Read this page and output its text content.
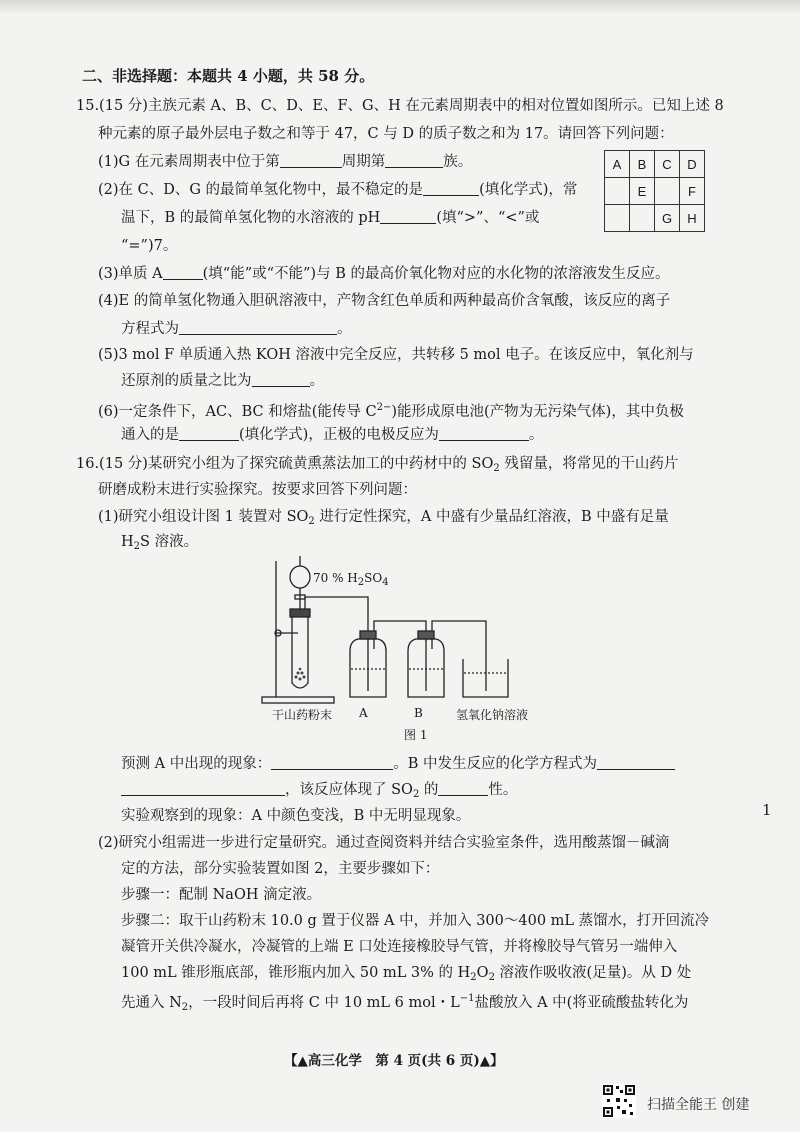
二、非选择题：本题共 4 小题，共 58 分。
15.(15 分)主族元素 A、B、C、D、E、F、G、H 在元素周期表中的相对位置如图所示。已知上述 8
种元素的原子最外层电子数之和等于 47，C 与 D 的质子数之和为 17。请回答下列问题：
(1)G 在元素周期表中位于第	周期第	族。	A	B	C	D
	E		F
		G	H
(2)在 C、D、G 的最简单氢化物中，最不稳定的是	(填化学式)，常
温下，B 的最简单氢化物的水溶液的 pH	(填“>”、“<”或
“=”)7。
(3)单质 A	(填“能”或“不能”)与 B 的最高价氧化物对应的水化物的浓溶液发生反应。
(4)E 的简单氢化物通入胆矾溶液中，产物含红色单质和两种最高价含氧酸，该反应的离子
方程式为	。
(5)3 mol F 单质通入热 KOH 溶液中完全反应，共转移 5 mol 电子。在该反应中，氧化剂与
还原剂的质量之比为	。
(6)一定条件下，AC、BC 和熔盐(能传导 $C^{2-}$)能形成原电池(产物为无污染气体)，其中负极
通入的是	(填化学式)，正极的电极反应为	。
16.(15 分)某研究小组为了探究硫黄熏蒸法加工的中药材中的 $SO_2$ 残留量，将常见的干山药片
研磨成粉末进行实验探究。按要求回答下列问题：
(1)研究小组设计图 1 装置对 $SO_2$ 进行定性探究，A 中盛有少量品红溶液，B 中盛有足量
$H_2S$ 溶液。
70 % $H_2SO_4$
干山药粉末 A	B	氢氧化钠溶液
图 1
预测 A 中出现的现象：	。B 中发生反应的化学方程式为
，该反应体现了 $SO_2$ 的	性。
实验观察到的现象：A 中颜色变浅，B 中无明显现象。
(2)研究小组需进一步进行定量研究。通过查阅资料并结合实验室条件，选用酸蒸馏－碱滴
定的方法，部分实验装置如图 2，主要步骤如下：
步骤一：配制 NaOH 滴定液。
步骤二：取干山药粉末 10.0 g 置于仪器 A 中，并加入 300～400 mL 蒸馏水，打开回流冷
凝管开关供冷凝水，冷凝管的上端 E 口处连接橡胶导气管，并将橡胶导气管另一端伸入
100 mL 锥形瓶底部，锥形瓶内加入 50 mL 3% 的 $H_2O_2$ 溶液作吸收液(足量)。从 D 处
先通入 $N_2$，一段时间后再将 C 中 10 mL 6 mol・$L^{-1}$盐酸放入 A 中(将亚硫酸盐转化为
1
【▲高三化学　第 4 页(共 6 页)▲】
扫描全能王 创建
